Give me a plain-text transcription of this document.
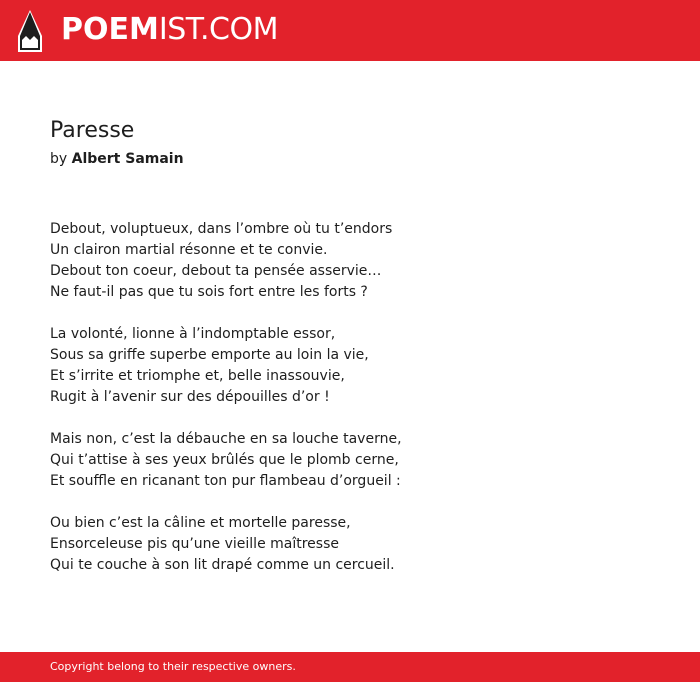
POEMIST.COM
Paresse
by Albert Samain
Debout, voluptueux, dans l’ombre où tu t’endors
Un clairon martial résonne et te convie.
Debout ton coeur, debout ta pensée asservie…
Ne faut-il pas que tu sois fort entre les forts ?
La volonté, lionne à l’indomptable essor,
Sous sa griffe superbe emporte au loin la vie,
Et s’irrite et triomphe et, belle inassouvie,
Rugit à l’avenir sur des dépouilles d’or !
Mais non, c’est la débauche en sa louche taverne,
Qui t’attise à ses yeux brûlés que le plomb cerne,
Et souffle en ricanant ton pur flambeau d’orgueil :
Ou bien c’est la câline et mortelle paresse,
Ensorceleuse pis qu’une vieille maîtresse
Qui te couche à son lit drapé comme un cercueil.
Copyright belong to their respective owners.
